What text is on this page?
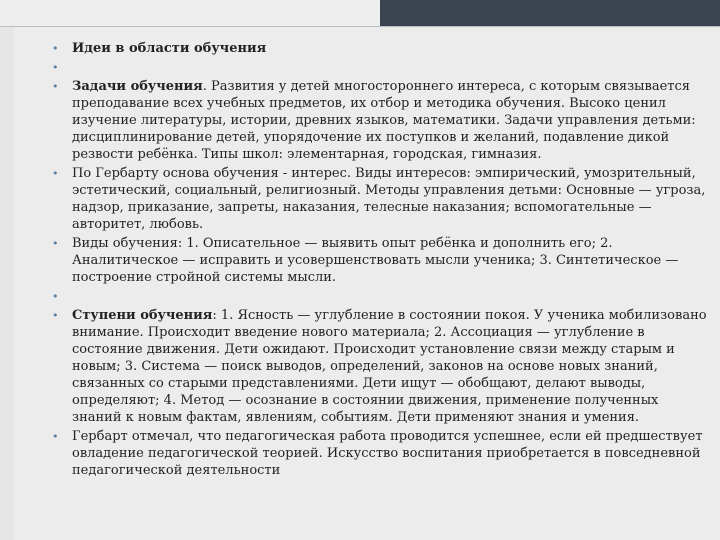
• Идеи в области обучения
•
• Задачи обучения. Развития у детей многостороннего интереса, с которым связывается преподавание всех учебных предметов, их отбор и методика обучения. Высоко ценил изучение литературы, истории, древних языков, математики. Задачи управления детьми: дисциплинирование детей, упорядочение их поступков и желаний, подавление дикой резвости ребёнка. Типы школ: элементарная, городская, гимназия.
• По Гербарту основа обучения - интерес. Виды интересов: эмпирический, умозрительный, эстетический, социальный, религиозный. Методы управления детьми: Основные — угроза, надзор, приказание, запреты, наказания, телесные наказания; вспомогательные — авторитет, любовь.
• Виды обучения: 1. Описательное — выявить опыт ребёнка и дополнить его; 2. Аналитическое — исправить и усовершенствовать мысли ученика; 3. Синтетическое — построение стройной системы мысли.
•
• Ступени обучения: 1. Ясность — углубление в состоянии покоя. У ученика мобилизовано внимание. Происходит введение нового материала; 2. Ассоциация — углубление в состояние движения. Дети ожидают. Происходит установление связи между старым и новым; 3. Система — поиск выводов, определений, законов на основе новых знаний, связанных со старыми представлениями. Дети ищут — обобщают, делают выводы, определяют; 4. Метод — осознание в состоянии движения, применение полученных знаний к новым фактам, явлениям, событиям. Дети применяют знания и умения.
• Гербарт отмечал, что педагогическая работа проводится успешнее, если ей предшествует овладение педагогической теорией. Искусство воспитания приобретается в повседневной педагогической деятельности
